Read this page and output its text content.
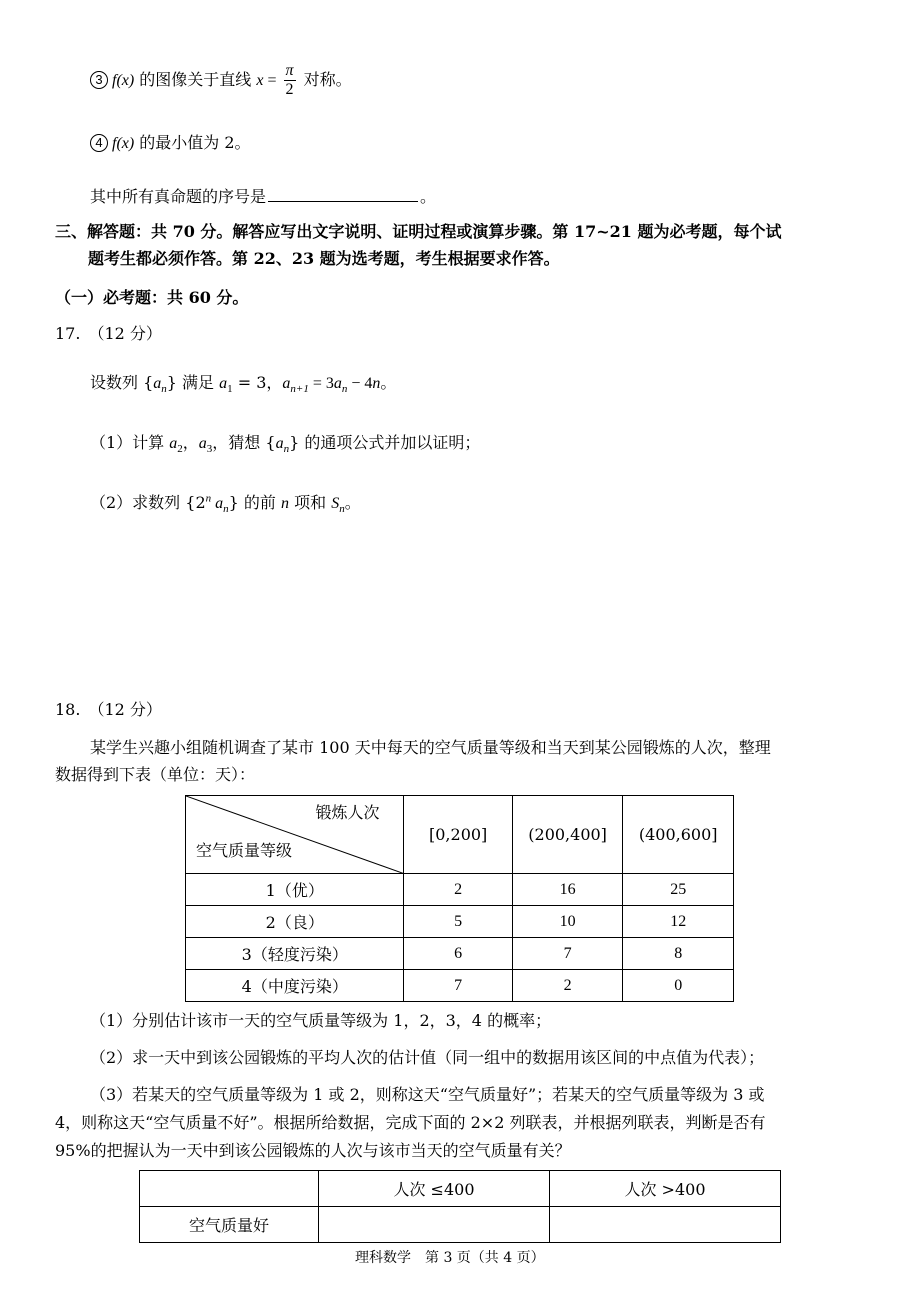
3 f(x) 的图像关于直线 $x = \frac{\pi}{2}$ 对称。
4 f(x) 的最小值为 2。
其中所有真命题的序号是	。
三、解答题：共 70 分。解答应写出文字说明、证明过程或演算步骤。第 17~21 题为必考题，每个试
题考生都必须作答。第 22、23 题为选考题，考生根据要求作答。
（一）必考题：共 60 分。
17.　（12 分）
设数列 $\{a_n\}$ 满足 $a_1 = 3$，$a_{n+1} = 3a_n - 4n$。
（1）计算 $a_2$，$a_3$，猜想 $\{a_n\}$ 的通项公式并加以证明；
（2）求数列 {2$^n$ $a_n$} 的前 n 项和 $S_n$。
18.　（12 分）
某学生兴趣小组随机调查了某市 100 天中每天的空气质量等级和当天到某公园锻炼的人次，整理
数据得到下表（单位：天）：
锻炼人次
空气质量等级	[0,200]	(200,400]	(400,600]
1（优）	2	16	25
2（良）	5	10	12
3（轻度污染）	6	7	8
4（中度污染）	7	2	0
（1）分别估计该市一天的空气质量等级为 1，2，3，4 的概率；
（2）求一天中到该公园锻炼的平均人次的估计值（同一组中的数据用该区间的中点值为代表）；
（3）若某天的空气质量等级为 1 或 2，则称这天“空气质量好”；若某天的空气质量等级为 3 或
4，则称这天“空气质量不好”。根据所给数据，完成下面的 2×2 列联表，并根据列联表，判断是否有
95%的把握认为一天中到该公园锻炼的人次与该市当天的空气质量有关？
	人次 ≤400	人次 >400
空气质量好		
理科数学　第 3 页（共 4 页）
